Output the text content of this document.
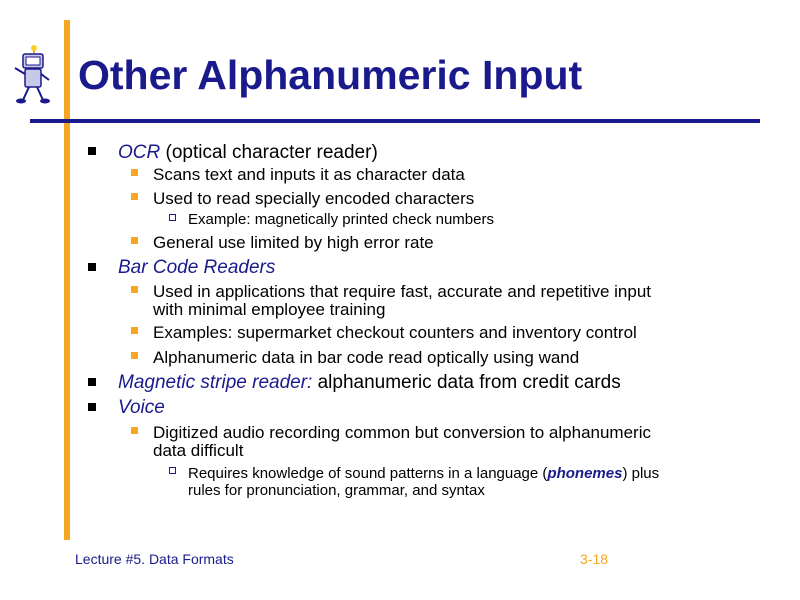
Other Alphanumeric Input
OCR (optical character reader)
Scans text and inputs it as character data
Used to read specially encoded characters
Example: magnetically printed check numbers
General use limited by high error rate
Bar Code Readers
Used in applications that require fast, accurate and repetitive input
with minimal employee training
Examples: supermarket checkout counters and inventory control
Alphanumeric data in bar code read optically using wand
Magnetic stripe reader: alphanumeric data from credit cards
Voice
Digitized audio recording common but conversion to alphanumeric
data difficult
Requires knowledge of sound patterns in a language (phonemes) plus
rules for pronunciation, grammar, and syntax
Lecture #5. Data Formats	3-18
